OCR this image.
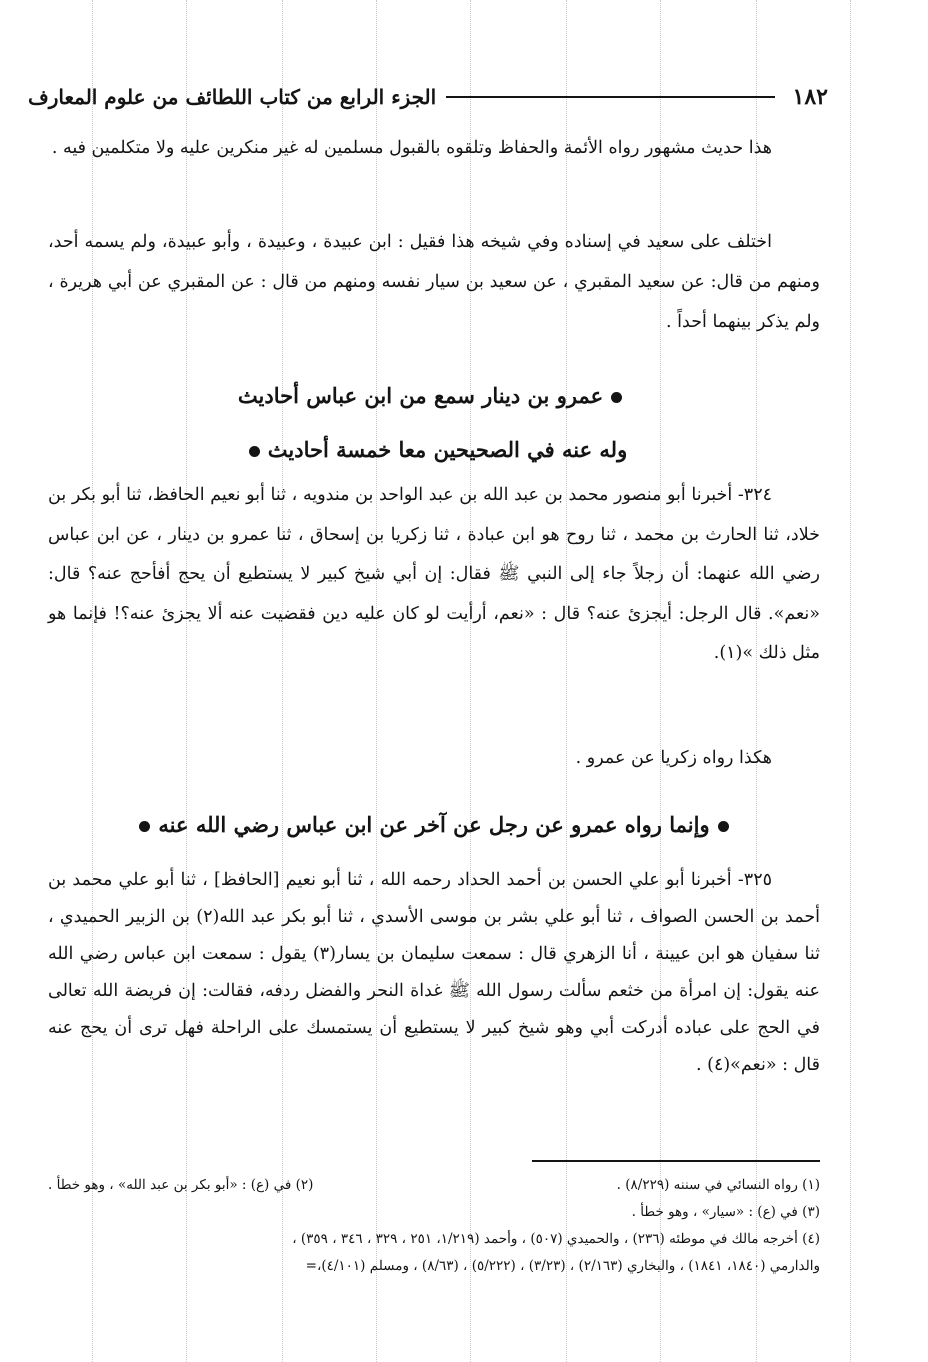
١٨٢
الجزء الرابع من كتاب اللطائف من علوم المعارف

هذا حديث مشهور رواه الأئمة والحفاظ وتلقوه بالقبول مسلمين له غير منكرين عليه ولا متكلمين فيه .

اختلف على سعيد في إسناده وفي شيخه هذا فقيل : ابن عبيدة ، وعبيدة ، وأبو عبيدة، ولم يسمه أحد، ومنهم من قال: عن سعيد المقبري ، عن سعيد بن سيار نفسه ومنهم من قال : عن المقبري عن أبي هريرة ، ولم يذكر بينهما أحداً .

عمرو بن دينار سمع من ابن عباس أحاديث
وله عنه في الصحيحين معا خمسة أحاديث

٣٢٤- أخبرنا أبو منصور محمد بن عبد الله بن عبد الواحد بن مندويه ، ثنا أبو نعيم الحافظ، ثنا أبو بكر بن خلاد، ثنا الحارث بن محمد ، ثنا روح هو ابن عبادة ، ثنا زكريا بن إسحاق ، ثنا عمرو بن دينار ، عن ابن عباس رضي الله عنهما: أن رجلاً جاء إلى النبي ﷺ فقال: إن أبي شيخ كبير لا يستطيع أن يحج أفأحج عنه؟ قال: «نعم». قال الرجل: أيجزئ عنه؟ قال : «نعم، أرأيت لو كان عليه دين فقضيت عنه ألا يجزئ عنه؟! فإنما هو مثل ذلك »(١).

هكذا رواه زكريا عن عمرو .

وإنما رواه عمرو عن رجل عن آخر عن ابن عباس رضي الله عنه

٣٢٥- أخبرنا أبو علي الحسن بن أحمد الحداد رحمه الله ، ثنا أبو نعيم [الحافظ] ، ثنا أبو علي محمد بن أحمد بن الحسن الصواف ، ثنا أبو علي بشر بن موسى الأسدي ، ثنا أبو بكر عبد الله(٢) بن الزبير الحميدي ، ثنا سفيان هو ابن عيينة ، أنا الزهري قال : سمعت سليمان بن يسار(٣) يقول : سمعت ابن عباس رضي الله عنه يقول: إن امرأة من خثعم سألت رسول الله ﷺ غداة النحر والفضل ردفه، فقالت: إن فريضة الله تعالى في الحج على عباده أدركت أبي وهو شيخ كبير لا يستطيع أن يستمسك على الراحلة فهل ترى أن يحج عنه قال : «نعم»(٤) .

(١) رواه النسائي في سننه (٨/٢٢٩) .
(٢) في (ع) : «أبو بكر بن عبد الله» ، وهو خطأ .
(٣) في (ع) : «سيار» ، وهو خطأ .
(٤) أخرجه مالك في موطئه (٢٣٦) ، والحميدي (٥٠٧) ، وأحمد (١/٢١٩، ٢٥١ ، ٣٢٩ ، ٣٤٦ ، ٣٥٩) ،
والدارمي (١٨٤٠، ١٨٤١) ، والبخاري (٢/١٦٣) ، (٣/٢٣) ، (٥/٢٢٢) ، (٨/٦٣) ، ومسلم (٤/١٠١)،=
